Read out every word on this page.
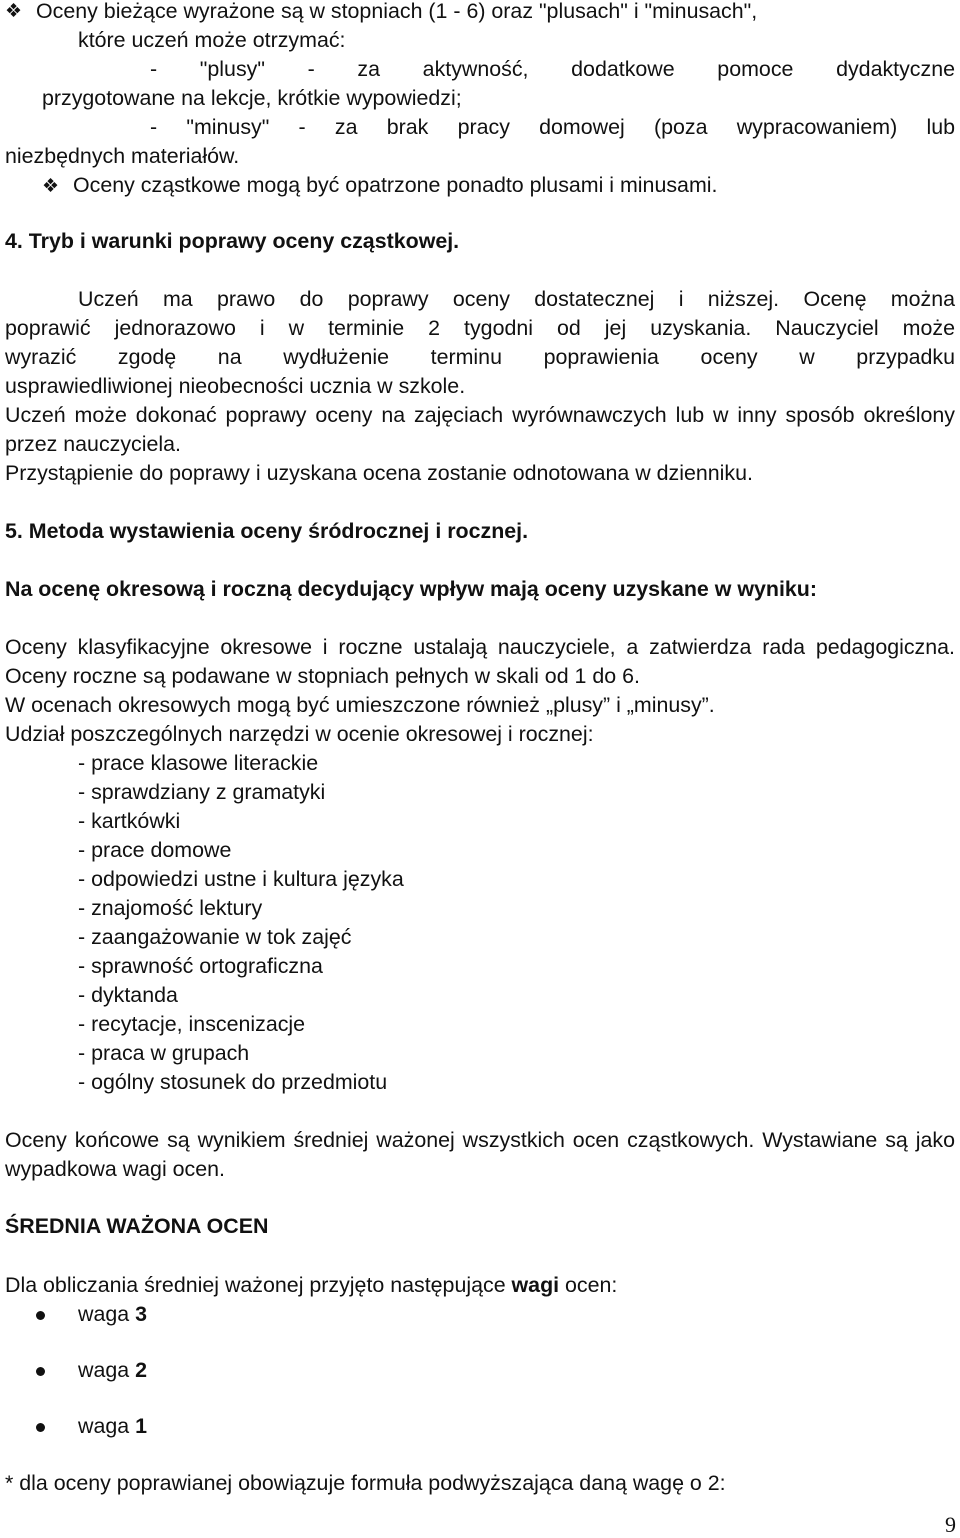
❖ Oceny bieżące wyrażone są w stopniach (1 - 6) oraz "plusach" i "minusach",

które uczeń może otrzymać:

- "plusy" - za aktywność, dodatkowe pomoce dydaktyczne

przygotowane na lekcje, krótkie wypowiedzi;

- "minusy" - za brak pracy domowej (poza wypracowaniem) lub

niezbędnych materiałów.

❖ Oceny cząstkowe mogą być opatrzone ponadto plusami i minusami.

4. Tryb i warunki poprawy oceny cząstkowej.

Uczeń ma prawo do poprawy oceny dostatecznej i niższej. Ocenę można

poprawić jednorazowo i w terminie 2 tygodni od jej uzyskania. Nauczyciel może

wyrazić zgodę na wydłużenie terminu poprawienia oceny w przypadku

usprawiedliwionej nieobecności ucznia w szkole.

Uczeń może dokonać poprawy oceny na zajęciach wyrównawczych lub w inny sposób określony przez nauczyciela.

Przystąpienie do poprawy i uzyskana ocena zostanie odnotowana w dzienniku.

5. Metoda wystawienia oceny śródrocznej i rocznej.

Na ocenę okresową i roczną decydujący wpływ mają oceny uzyskane w wyniku:

Oceny klasyfikacyjne okresowe i roczne ustalają nauczyciele, a zatwierdza rada pedagogiczna. Oceny roczne są podawane w stopniach pełnych w skali od 1 do 6.

W ocenach okresowych mogą być umieszczone również „plusy” i „minusy”.

Udział poszczególnych narzędzi w ocenie okresowej i rocznej:

- prace klasowe literackie

- sprawdziany z gramatyki

- kartkówki

- prace domowe

- odpowiedzi ustne i kultura języka

- znajomość lektury

- zaangażowanie w tok zajęć

- sprawność ortograficzna

- dyktanda

- recytacje, inscenizacje

- praca w grupach

- ogólny stosunek do przedmiotu

Oceny końcowe są wynikiem średniej ważonej wszystkich ocen cząstkowych. Wystawiane są jako wypadkowa wagi ocen.

ŚREDNIA WAŻONA OCEN

Dla obliczania średniej ważonej przyjęto następujące wagi ocen:

waga 3
waga 2
waga 1

* dla oceny poprawianej obowiązuje formuła podwyższająca daną wagę o 2:

9
